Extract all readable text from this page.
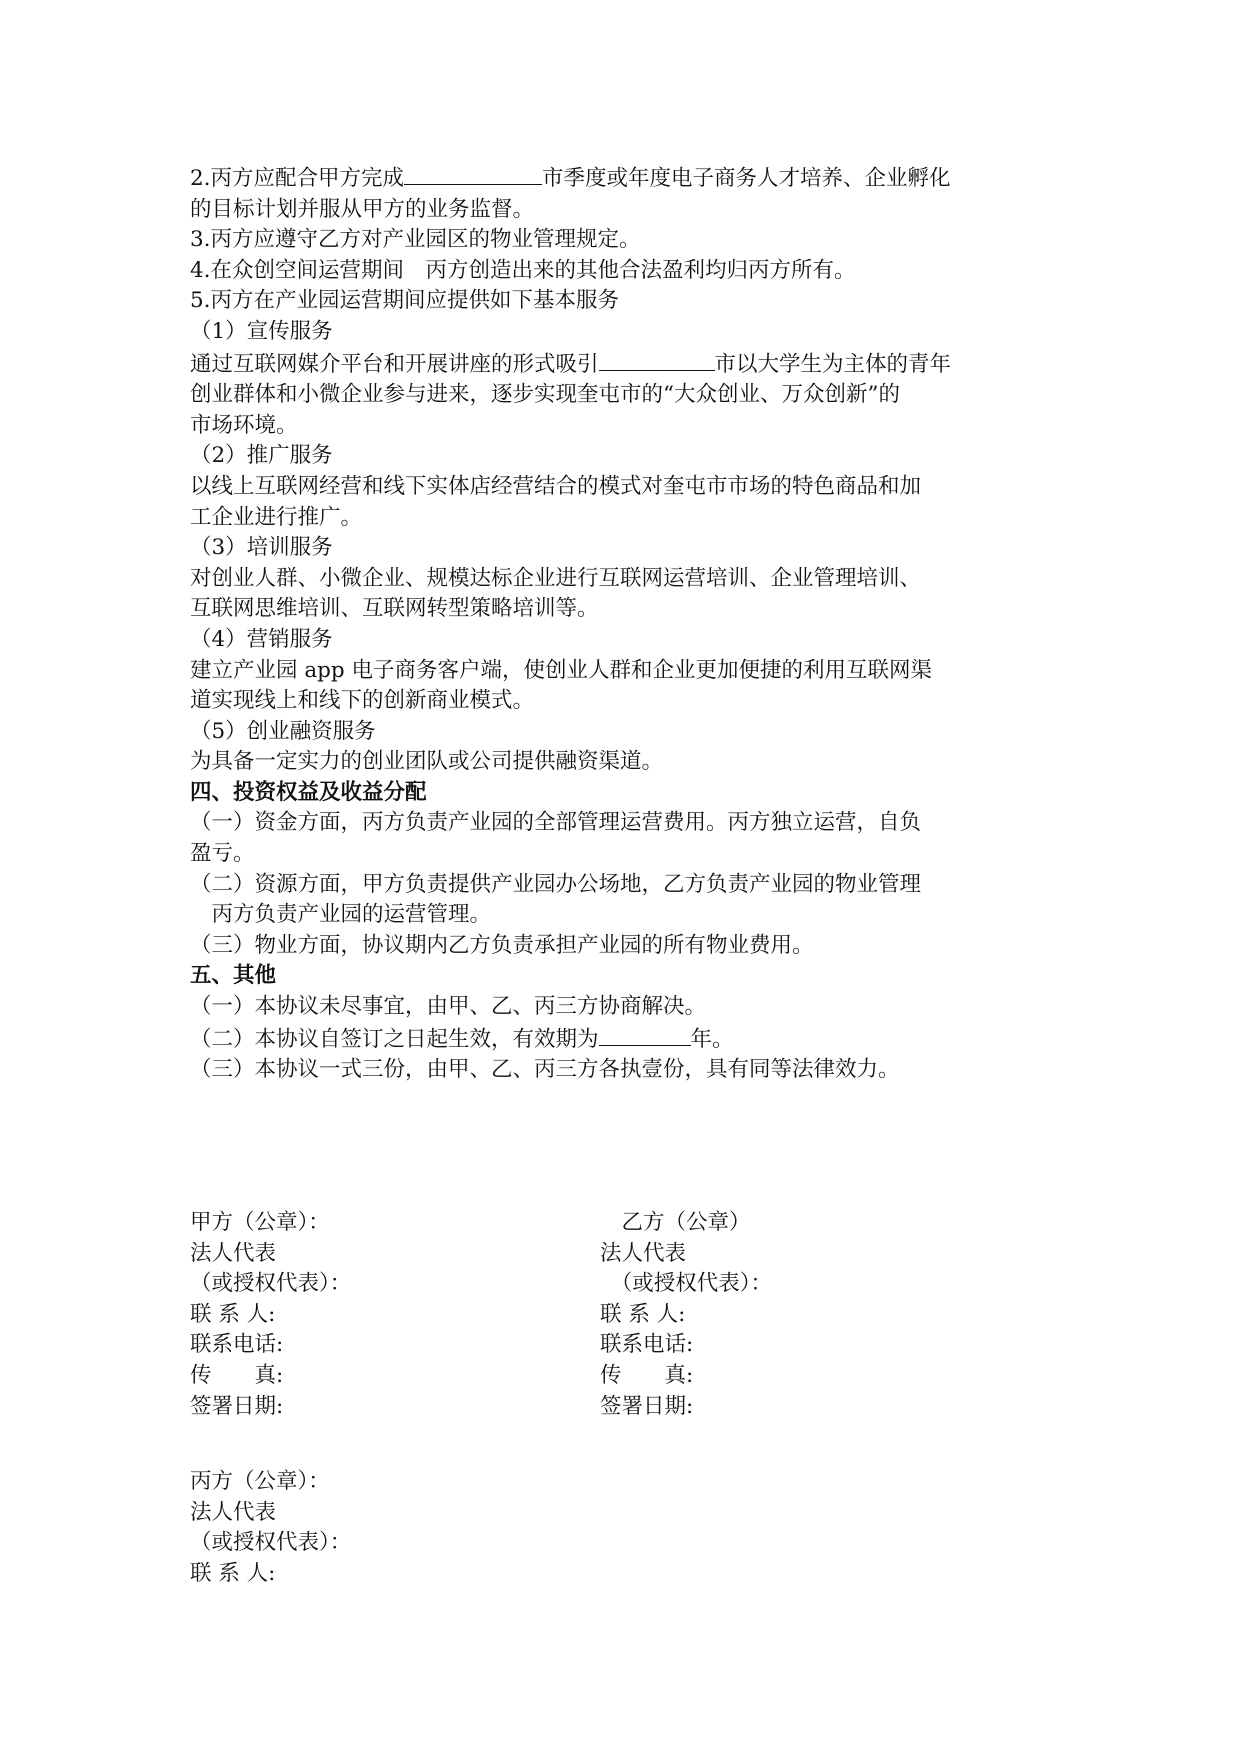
2.丙方应配合甲方完成	市季度或年度电子商务人才培养、企业孵化
的目标计划并服从甲方的业务监督。
3.丙方应遵守乙方对产业园区的物业管理规定。
4.在众创空间运营期间　丙方创造出来的其他合法盈利均归丙方所有。
5.丙方在产业园运营期间应提供如下基本服务
（1）宣传服务
通过互联网媒介平台和开展讲座的形式吸引	市以大学生为主体的青年
创业群体和小微企业参与进来，逐步实现奎屯市的“大众创业、万众创新”的
市场环境。
（2）推广服务
以线上互联网经营和线下实体店经营结合的模式对奎屯市市场的特色商品和加
工企业进行推广。
（3）培训服务
对创业人群、小微企业、规模达标企业进行互联网运营培训、企业管理培训、
互联网思维培训、互联网转型策略培训等。
（4）营销服务
建立产业园 app 电子商务客户端，使创业人群和企业更加便捷的利用互联网渠
道实现线上和线下的创新商业模式。
（5）创业融资服务
为具备一定实力的创业团队或公司提供融资渠道。
四、投资权益及收益分配
（一）资金方面，丙方负责产业园的全部管理运营费用。丙方独立运营，自负
盈亏。
（二）资源方面，甲方负责提供产业园办公场地，乙方负责产业园的物业管理
　丙方负责产业园的运营管理。
（三）物业方面，协议期内乙方负责承担产业园的所有物业费用。
五、其他
（一）本协议未尽事宜，由甲、乙、丙三方协商解决。
（二）本协议自签订之日起生效，有效期为	年。
（三）本协议一式三份，由甲、乙、丙三方各执壹份，具有同等法律效力。
甲方（公章）：
法人代表
（或授权代表）：
联 系 人:
联系电话:
传　　真:
签署日期:
　乙方（公章）
法人代表
　（或授权代表）：
联 系 人:
联系电话:
传　　真:
签署日期:
丙方（公章）：
法人代表
（或授权代表）：
联 系 人:
